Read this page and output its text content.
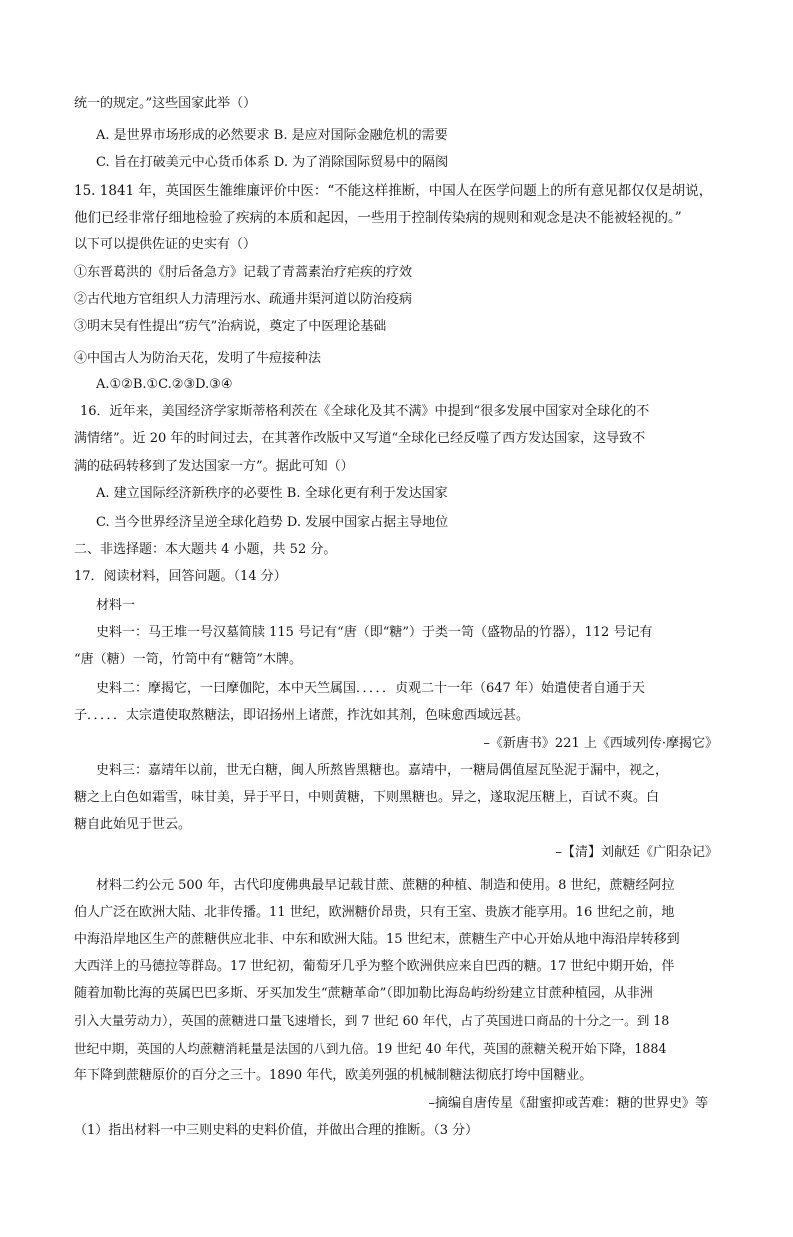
统一的规定。”这些国家此举（）
A. 是世界市场形成的必然要求 B. 是应对国际金融危机的需要
C. 旨在打破美元中心货币体系 D. 为了消除国际贸易中的隔阂
15. 1841 年，英国医生雒维廉评价中医：“不能这样推断，中国人在医学问题上的所有意见都仅仅是胡说，
他们已经非常仔细地检验了疾病的本质和起因，一些用于控制传染病的规则和观念是决不能被轻视的。”
以下可以提供佐证的史实有（）
①东晋葛洪的《肘后备急方》记载了青蒿素治疗疟疾的疗效
②古代地方官组织人力清理污水、疏通井渠河道以防治疫病
③明末吴有性提出“疠气”治病说，奠定了中医理论基础
④中国古人为防治天花，发明了牛痘接种法
A.①②B.①C.②③D.③④
16．近年来，美国经济学家斯蒂格利茨在《全球化及其不满》中提到“很多发展中国家对全球化的不
满情绪”。近 20 年的时间过去，在其著作改版中又写道“全球化已经反噬了西方发达国家，这导致不
满的砝码转移到了发达国家一方”。据此可知（）
A. 建立国际经济新秩序的必要性 B. 全球化更有利于发达国家
C. 当今世界经济呈逆全球化趋势 D. 发展中国家占据主导地位
二、非选择题：本大题共 4 小题，共 52 分。
17．阅读材料，回答问题。（14 分）
材料一
史料一：马王堆一号汉墓简牍 115 号记有“唐（即“糖”）于类一笥（盛物品的竹器），112 号记有
“唐（糖）一笥，竹笥中有“糖笥”木牌。
史料二：摩揭它，一曰摩伽陀，本中天竺属国．．．．．贞观二十一年（647 年）始遣使者自通于天
子．．．．．太宗遣使取熬糖法，即诏扬州上诸蔗，拃沈如其剂，色味愈西域远甚。
–《新唐书》221 上《西域列传·摩揭它》
史料三：嘉靖年以前，世无白糖，闽人所熬皆黑糖也。嘉靖中，一糖局偶值屋瓦坠泥于漏中，视之，
糖之上白色如霜雪，味甘美，异于平日，中则黄糖，下则黑糖也。异之，遂取泥压糖上，百试不爽。白
糖自此始见于世云。
–【清】刘献廷《广阳杂记》
材料二约公元 500 年，古代印度佛典最早记载甘蔗、蔗糖的种植、制造和使用。8 世纪，蔗糖经阿拉
伯人广泛在欧洲大陆、北非传播。11 世纪，欧洲糖价昂贵，只有王室、贵族才能享用。16 世纪之前，地
中海沿岸地区生产的蔗糖供应北非、中东和欧洲大陆。15 世纪末，蔗糖生产中心开始从地中海沿岸转移到
大西洋上的马德拉等群岛。17 世纪初，葡萄牙几乎为整个欧洲供应来自巴西的糖。17 世纪中期开始，伴
随着加勒比海的英属巴巴多斯、牙买加发生“蔗糖革命”（即加勒比海岛屿纷纷建立甘蔗种植园，从非洲
引入大量劳动力），英国的蔗糖进口量飞速增长，到 7 世纪 60 年代，占了英国进口商品的十分之一。到 18
世纪中期，英国的人均蔗糖消耗量是法国的八到九倍。19 世纪 40 年代，英国的蔗糖关税开始下降，1884
年下降到蔗糖原价的百分之三十。1890 年代，欧美列强的机械制糖法彻底打垮中国糖业。
–摘编自唐传星《甜蜜抑或苦难：糖的世界史》等
（1）指出材料一中三则史料的史料价值，并做出合理的推断。（3 分）
